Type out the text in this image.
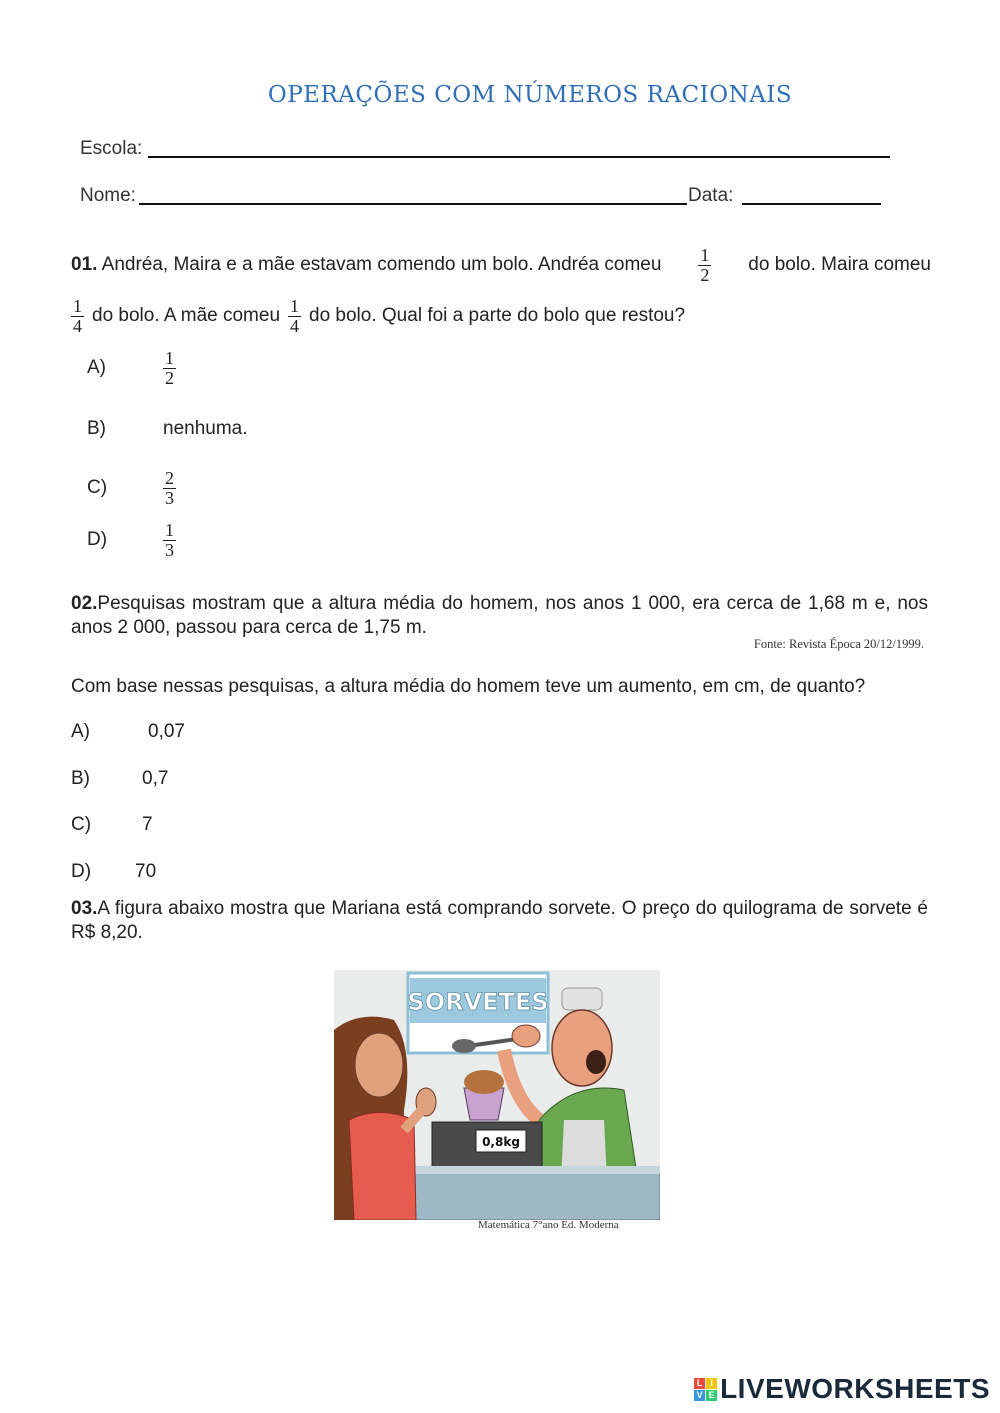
OPERAÇÕES COM NÚMEROS RACIONAIS
Escola:
Nome:	Data:
01. Andréa, Maira e a mãe estavam comendo um bolo. Andréa comeu $\frac{1}{2}$ do bolo. Maira comeu
$\frac{1}{4}$ do bolo. A mãe comeu $\frac{1}{4}$ do bolo. Qual foi a parte do bolo que restou?
A)	$\frac{1}{2}$
B)	nenhuma.
C)	$\frac{2}{3}$
D)	$\frac{1}{3}$
02.Pesquisas mostram que a altura média do homem, nos anos 1 000, era cerca de 1,68 m e, nos anos 2 000, passou para cerca de 1,75 m.
Fonte: Revista Época 20/12/1999.
Com base nessas pesquisas, a altura média do homem teve um aumento, em cm, de quanto?
A)	0,07
B)	0,7
C)	7
D)	70
03.A figura abaixo mostra que Mariana está comprando sorvete. O preço do quilograma de sorvete é R$ 8,20.
SORVETES
0,8kg
Matemática 7°ano Ed. Moderna
L I
V E LIVEWORKSHEETS
